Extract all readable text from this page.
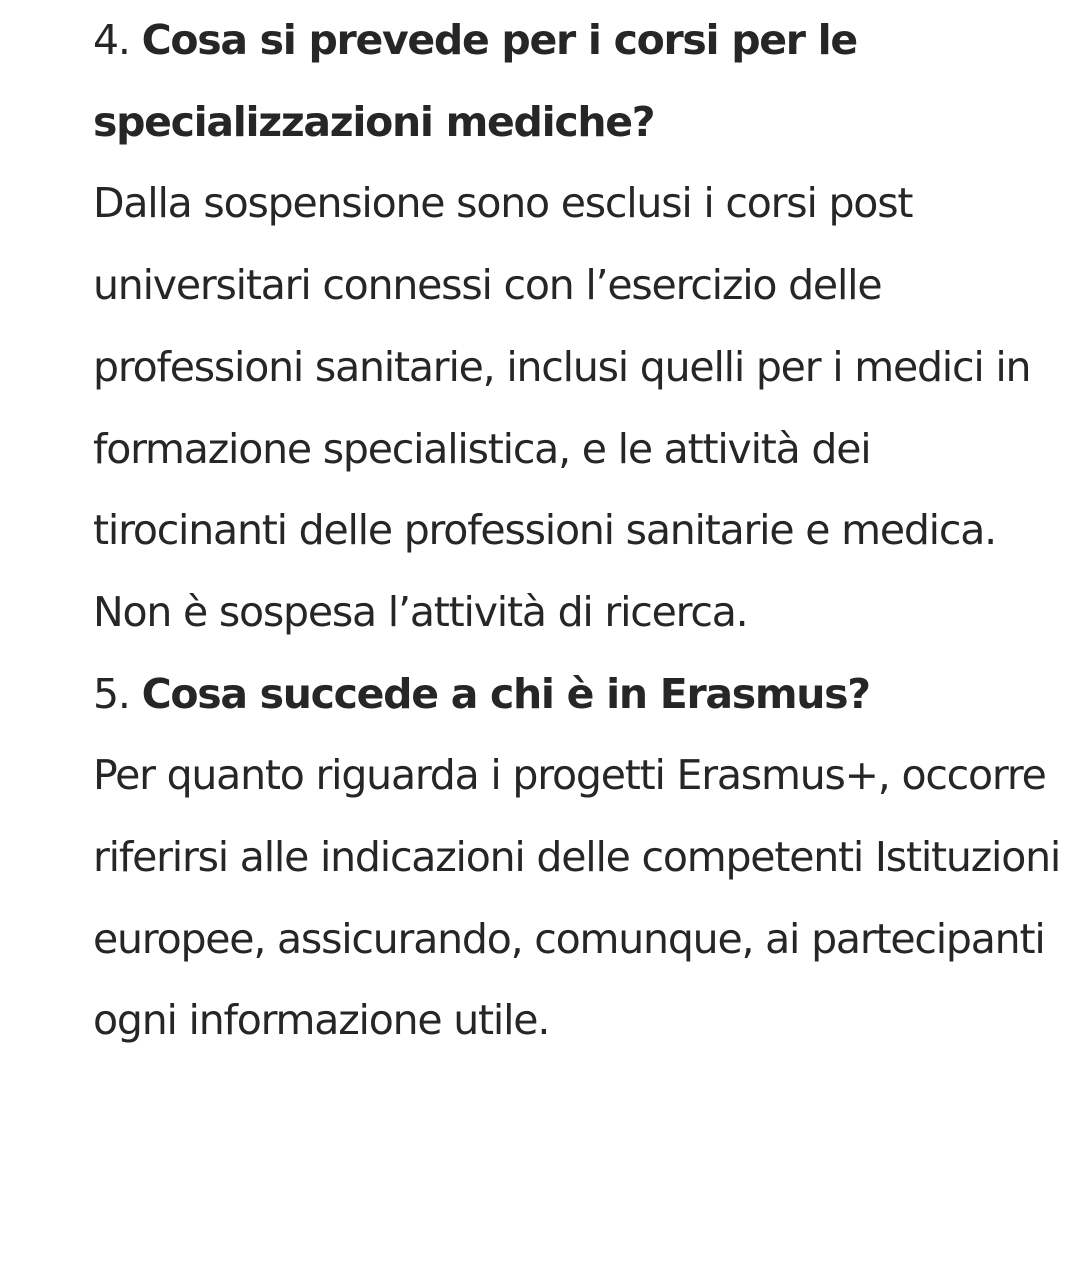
4. Cosa si prevede per i corsi per le specializzazioni mediche?

Dalla sospensione sono esclusi i corsi post universitari connessi con l’esercizio delle professioni sanitarie, inclusi quelli per i medici in formazione specialistica, e le attività dei tirocinanti delle professioni sanitarie e medica. Non è sospesa l’attività di ricerca.

5. Cosa succede a chi è in Erasmus?

Per quanto riguarda i progetti Erasmus+, occorre riferirsi alle indicazioni delle competenti Istituzioni europee, assicurando, comunque, ai partecipanti ogni informazione utile.
